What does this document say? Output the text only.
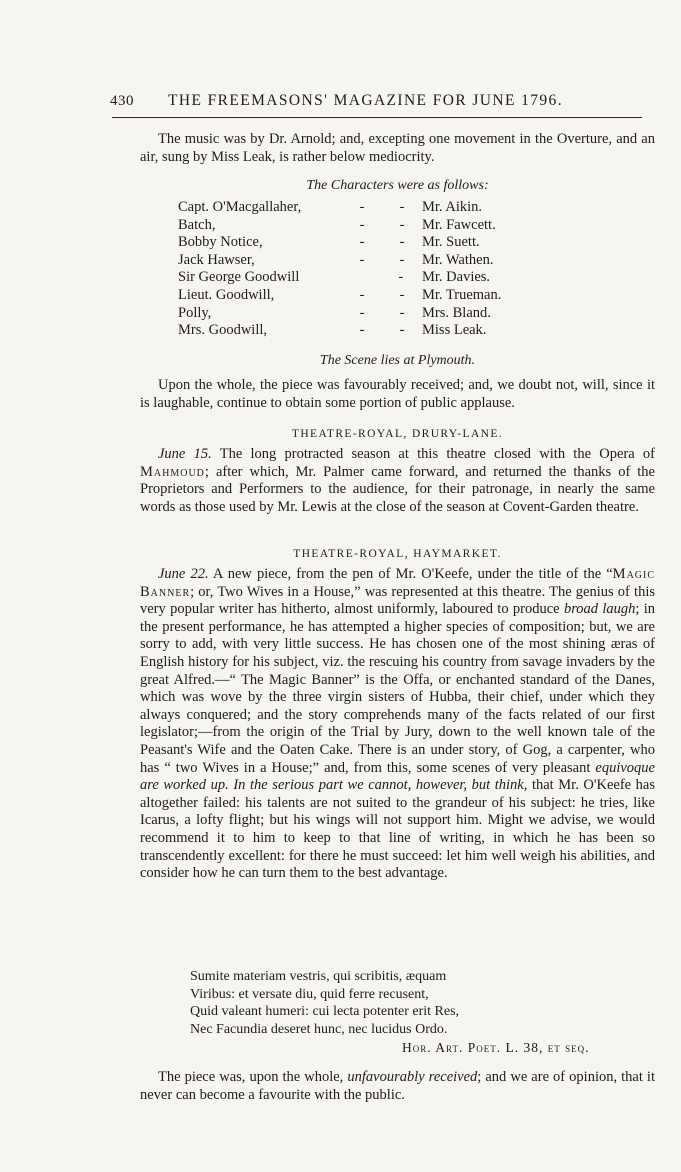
430	THE FREEMASONS' MAGAZINE FOR JUNE 1796.

The music was by Dr. Arnold; and, excepting one movement in the Overture, and an air, sung by Miss Leak, is rather below mediocrity.

The Characters were as follows:

Capt. O'Macgallaher,	- - Mr. Aikin.
Batch,	- - Mr. Fawcett.
Bobby Notice,	- - Mr. Suett.
Jack Hawser,	- - Mr. Wathen.
Sir George Goodwill	- Mr. Davies.
Lieut. Goodwill,	- - Mr. Trueman.
Polly,	- - Mrs. Bland.
Mrs. Goodwill,	- - Miss Leak.

The Scene lies at Plymouth.

Upon the whole, the piece was favourably received; and, we doubt not, will, since it is laughable, continue to obtain some portion of public applause.

THEATRE-ROYAL, DRURY-LANE.

June 15. The long protracted season at this theatre closed with the Opera of Mahmoud; after which, Mr. Palmer came forward, and returned the thanks of the Proprietors and Performers to the audience, for their patronage, in nearly the same words as those used by Mr. Lewis at the close of the season at Covent-Garden theatre.

THEATRE-ROYAL, HAYMARKET.

June 22. A new piece, from the pen of Mr. O'Keefe, under the title of the “Magic Banner; or, Two Wives in a House,” was represented at this theatre. The genius of this very popular writer has hitherto, almost uniformly, laboured to produce broad laugh; in the present performance, he has attempted a higher species of composition; but, we are sorry to add, with very little success. He has chosen one of the most shining æras of English history for his subject, viz. the rescuing his country from savage invaders by the great Alfred.—“ The Magic Banner” is the Offa, or enchanted standard of the Danes, which was wove by the three virgin sisters of Hubba, their chief, under which they always conquered; and the story comprehends many of the facts related of our first legislator;—from the origin of the Trial by Jury, down to the well known tale of the Peasant's Wife and the Oaten Cake. There is an under story, of Gog, a carpenter, who has “ two Wives in a House;” and, from this, some scenes of very pleasant equivoque are worked up. In the serious part we cannot, however, but think, that Mr. O'Keefe has altogether failed: his talents are not suited to the grandeur of his subject: he tries, like Icarus, a lofty flight; but his wings will not support him. Might we advise, we would recommend it to him to keep to that line of writing, in which he has been so transcendently excellent: for there he must succeed: let him well weigh his abilities, and consider how he can turn them to the best advantage.

Sumite materiam vestris, qui scribitis, æquam
Viribus: et versate diu, quid ferre recusent,
Quid valeant humeri: cui lecta potenter erit Res,
Nec Facundia deseret hunc, nec lucidus Ordo.
Hor. Art. Poet. L. 38, et seq.

The piece was, upon the whole, unfavourably received; and we are of opinion, that it never can become a favourite with the public.
